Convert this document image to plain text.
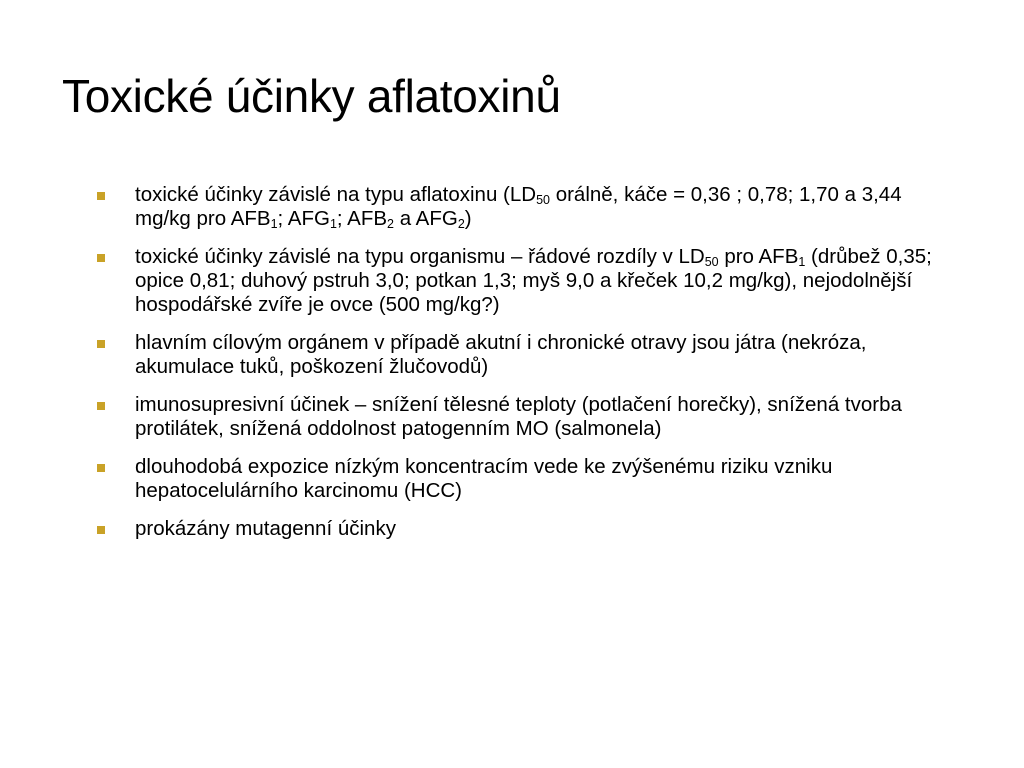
Toxické účinky aflatoxinů
toxické účinky závislé na typu aflatoxinu ($LD_{50}$ orálně, káče = 0,36 ; 0,78; 1,70 a 3,44 mg/kg pro $AFB_1$; $AFG_1$; $AFB_2$ a $AFG_2$)
toxické účinky závislé na typu organismu – řádové rozdíly v $LD_{50}$ pro $AFB_1$ (drůbež 0,35; opice 0,81; duhový pstruh 3,0; potkan 1,3; myš 9,0 a křeček 10,2 mg/kg), nejodolnější hospodářské zvíře je ovce (500 mg/kg?)
hlavním cílovým orgánem v případě akutní i chronické otravy jsou játra (nekróza, akumulace tuků, poškození žlučovodů)
imunosupresivní účinek – snížení tělesné teploty (potlačení horečky), snížená tvorba protilátek, snížená oddolnost patogenním MO (salmonela)
dlouhodobá expozice nízkým koncentracím vede ke zvýšenému riziku vzniku hepatocelulárního karcinomu (HCC)
prokázány mutagenní účinky
